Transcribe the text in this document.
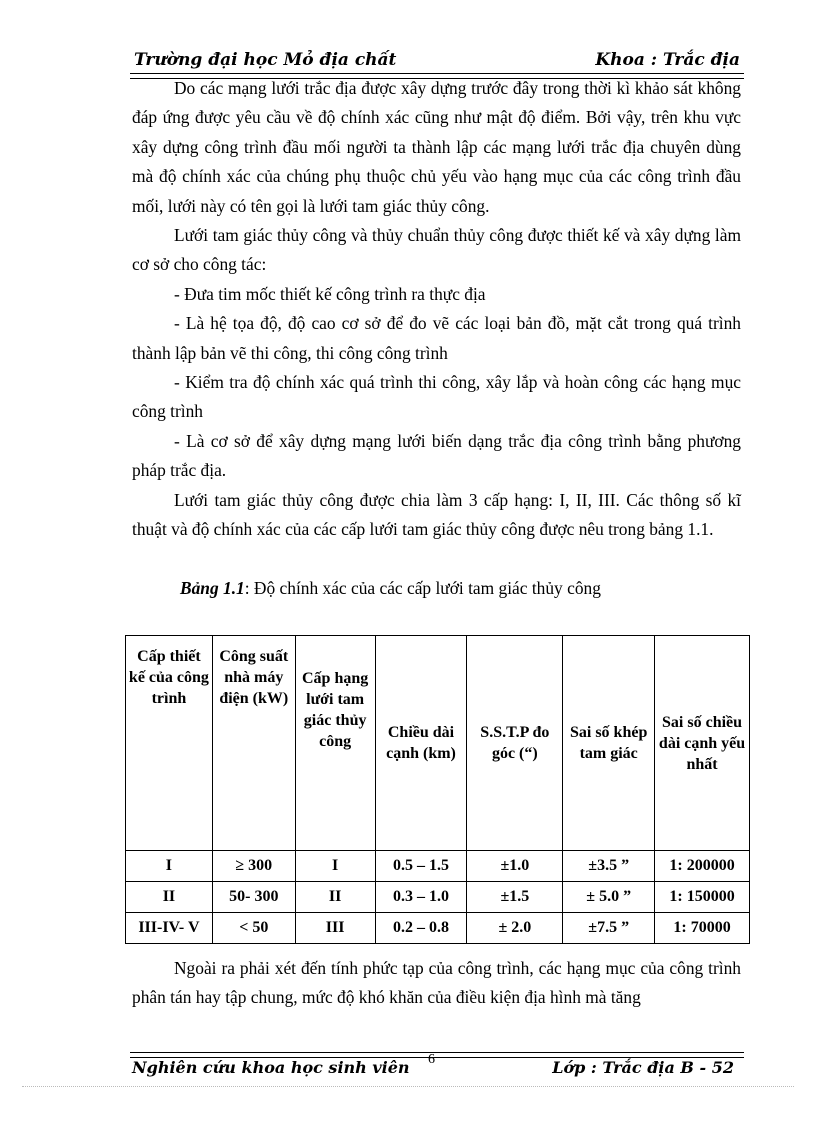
Trường đại học Mỏ địa chất	Khoa : Trắc địa

Do các mạng lưới trắc địa được xây dựng trước đây trong thời kì khảo sát không đáp ứng được yêu cầu về độ chính xác cũng như mật độ điểm. Bởi vậy, trên khu vực xây dựng công trình đầu mối người ta thành lập các mạng lưới trắc địa chuyên dùng mà độ chính xác của chúng phụ thuộc chủ yếu vào hạng mục của các công trình đầu mối, lưới này có tên gọi là lưới tam giác thủy công.

Lưới tam giác thủy công và thủy chuẩn thủy công được thiết kế và xây dựng làm cơ sở cho công tác:

- Đưa tim mốc thiết kế công trình ra thực địa

- Là hệ tọa độ, độ cao cơ sở để đo vẽ các loại bản đồ, mặt cắt trong quá trình thành lập bản vẽ thi công, thi công công trình

- Kiểm tra độ chính xác quá trình thi công, xây lắp và hoàn công các hạng mục công trình

- Là cơ sở để xây dựng mạng lưới biến dạng trắc địa công trình bằng phương pháp trắc địa.

Lưới tam giác thủy công được chia làm 3 cấp hạng: I, II, III. Các thông số kĩ thuật và độ chính xác của các cấp lưới tam giác thủy công được nêu trong bảng 1.1.

Bảng 1.1: Độ chính xác của các cấp lưới tam giác thủy công
Cấp thiết kế của công trình	Công suất nhà máy điện (kW)	Cấp hạng lưới tam giác thủy công	Chiều dài cạnh (km)	S.S.T.P đo góc (“)	Sai số khép tam giác	Sai số chiều dài cạnh yếu nhất
I	≥ 300	I	0.5 – 1.5	±1.0	±3.5 ”	1: 200000
II	50- 300	II	0.3 – 1.0	±1.5	± 5.0 ”	1: 150000
III-IV- V	< 50	III	0.2 – 0.8	± 2.0	±7.5 ”	1: 70000

Ngoài ra phải xét đến tính phức tạp của công trình, các hạng mục của công trình phân tán hay tập chung, mức độ khó khăn của điều kiện địa hình mà tăng

6
Nghiên cứu khoa học sinh viên	Lớp : Trắc địa B - 52
